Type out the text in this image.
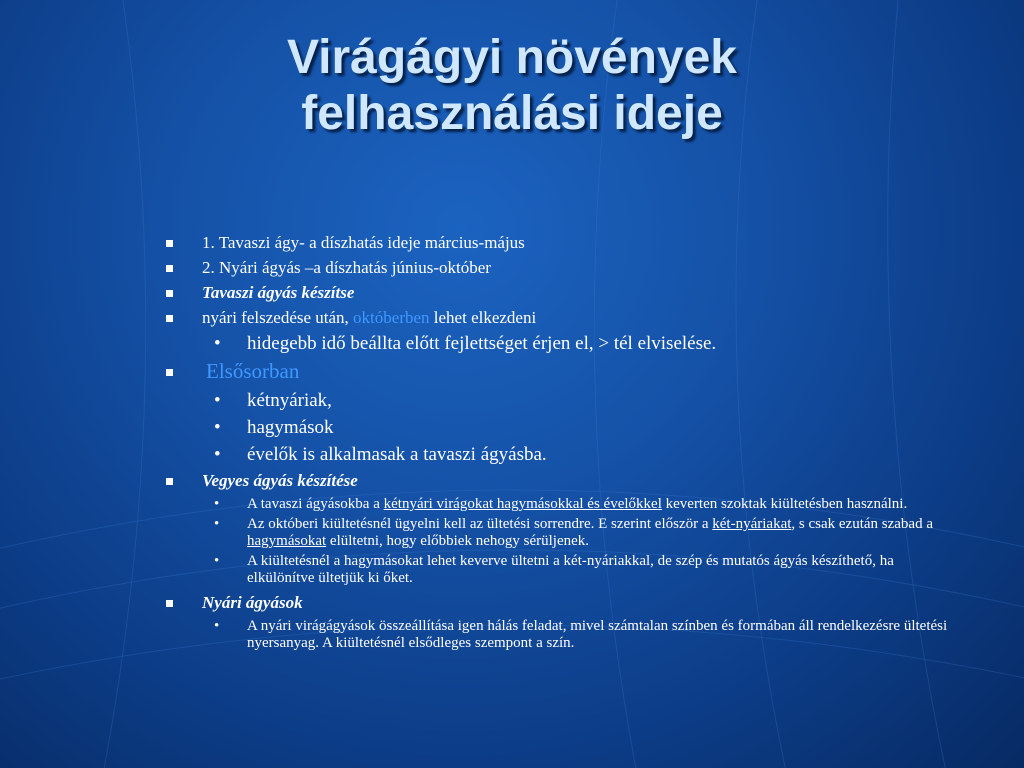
Virágágyi növények
felhasználási ideje
1. Tavaszi ágy- a díszhatás ideje március-május
2. Nyári ágyás –a díszhatás június-október
Tavaszi ágyás készítse
nyári felszedése után, októberben lehet elkezdeni
• hidegebb idő beállta előtt fejlettséget érjen el, > tél elviselése.
Elsősorban
• kétnyáriak,
• hagymások
• évelők is alkalmasak a tavaszi ágyásba.
Vegyes ágyás készítése
• A tavaszi ágyásokba a kétnyári virágokat hagymásokkal és évelőkkel keverten szoktak kiültetésben használni.
• Az októberi kiültetésnél ügyelni kell az ültetési sorrendre. E szerint először a két-nyáriakat, s csak ezután szabad a hagymásokat elültetni, hogy előbbiek nehogy sérüljenek.
• A kiültetésnél a hagymásokat lehet keverve ültetni a két-nyáriakkal, de szép és mutatós ágyás készíthető, ha elkülönítve ültetjük ki őket.
Nyári ágyások
• A nyári virágágyások összeállítása igen hálás feladat, mivel számtalan színben és formában áll rendelkezésre ültetési nyersanyag. A kiültetésnél elsődleges szempont a szín.
